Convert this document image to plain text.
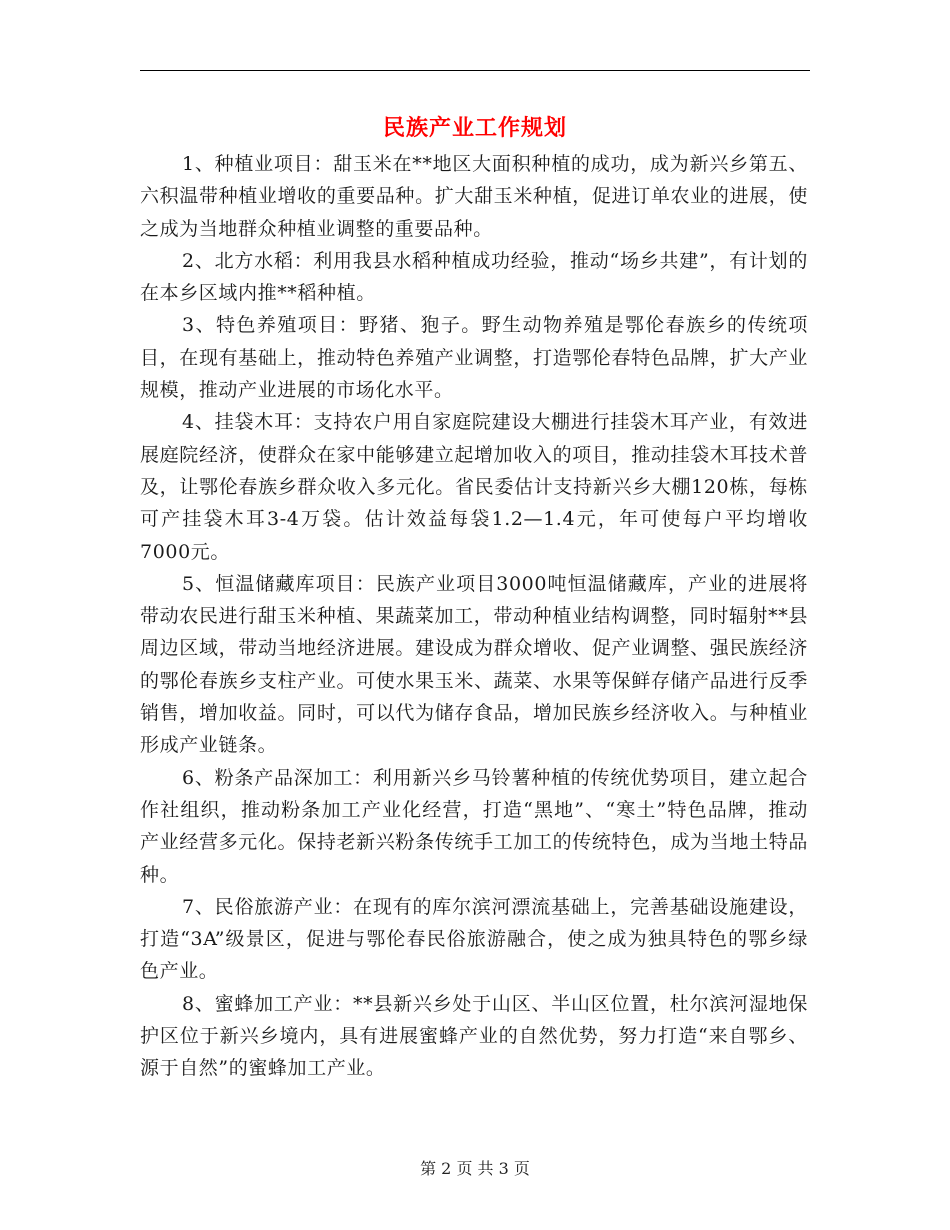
民族产业工作规划

1、种植业项目：甜玉米在**地区大面积种植的成功，成为新兴乡第五、六积温带种植业增收的重要品种。扩大甜玉米种植，促进订单农业的进展，使之成为当地群众种植业调整的重要品种。

2、北方水稻：利用我县水稻种植成功经验，推动“场乡共建”，有计划的在本乡区域内推**稻种植。

3、特色养殖项目：野猪、狍子。野生动物养殖是鄂伦春族乡的传统项目，在现有基础上，推动特色养殖产业调整，打造鄂伦春特色品牌，扩大产业规模，推动产业进展的市场化水平。

4、挂袋木耳：支持农户用自家庭院建设大棚进行挂袋木耳产业，有效进展庭院经济，使群众在家中能够建立起增加收入的项目，推动挂袋木耳技术普及，让鄂伦春族乡群众收入多元化。省民委估计支持新兴乡大棚120栋，每栋可产挂袋木耳3-4万袋。估计效益每袋1.2—1.4元，年可使每户平均增收7000元。

5、恒温储藏库项目：民族产业项目3000吨恒温储藏库，产业的进展将带动农民进行甜玉米种植、果蔬菜加工，带动种植业结构调整，同时辐射**县周边区域，带动当地经济进展。建设成为群众增收、促产业调整、强民族经济的鄂伦春族乡支柱产业。可使水果玉米、蔬菜、水果等保鲜存储产品进行反季销售，增加收益。同时，可以代为储存食品，增加民族乡经济收入。与种植业形成产业链条。

6、粉条产品深加工：利用新兴乡马铃薯种植的传统优势项目，建立起合作社组织，推动粉条加工产业化经营，打造“黑地”、“寒土”特色品牌，推动产业经营多元化。保持老新兴粉条传统手工加工的传统特色，成为当地土特品种。

7、民俗旅游产业：在现有的库尔滨河漂流基础上，完善基础设施建设，打造“3A”级景区，促进与鄂伦春民俗旅游融合，使之成为独具特色的鄂乡绿色产业。

8、蜜蜂加工产业：**县新兴乡处于山区、半山区位置，杜尔滨河湿地保护区位于新兴乡境内，具有进展蜜蜂产业的自然优势，努力打造“来自鄂乡、源于自然”的蜜蜂加工产业。

第 2 页 共 3 页
